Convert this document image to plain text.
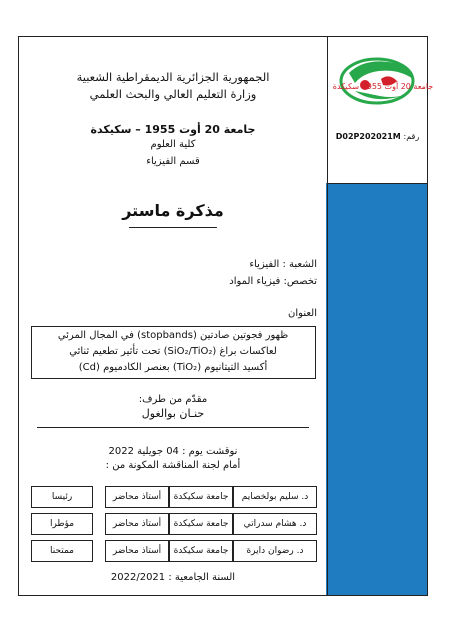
جامعة 20 أوت 1955 سكيكدة
رقم: D02P202021M
الجمهورية الجزائرية الديمقراطية الشعبية
وزارة التعليم العالي والبحث العلمي
جامعة 20 أوت 1955 – سكيكدة
كلية العلوم
قسم الفيزياء
مذكرة ماستر
الشعبة : الفيزياء
تخصص: فيزياء المواد
العنوان
ظهور فجوتين صادتين (stopbands) في المجال المرئي
لعاكسات براغ (SiO₂/TiO₂) تحت تأثير تطعيم ثنائي
أكسيد التيتانيوم (TiO₂) بعنصر الكادميوم (Cd)
مقدّم من طرف:
حنـان بوالغول
نوقشت يوم : 04 جويلية 2022
أمام لجنة المناقشة المكونة من :
د. سليم بولخصايم
جامعة سكيكدة
أستاذ محاضر
رئيسا
د. هشام سدراتي
جامعة سكيكدة
أستاذ محاضر
مؤطرا
د. رضوان دايرة
جامعة سكيكدة
أستاذ محاضر
ممتحنا
السنة الجامعية : 2022/2021
